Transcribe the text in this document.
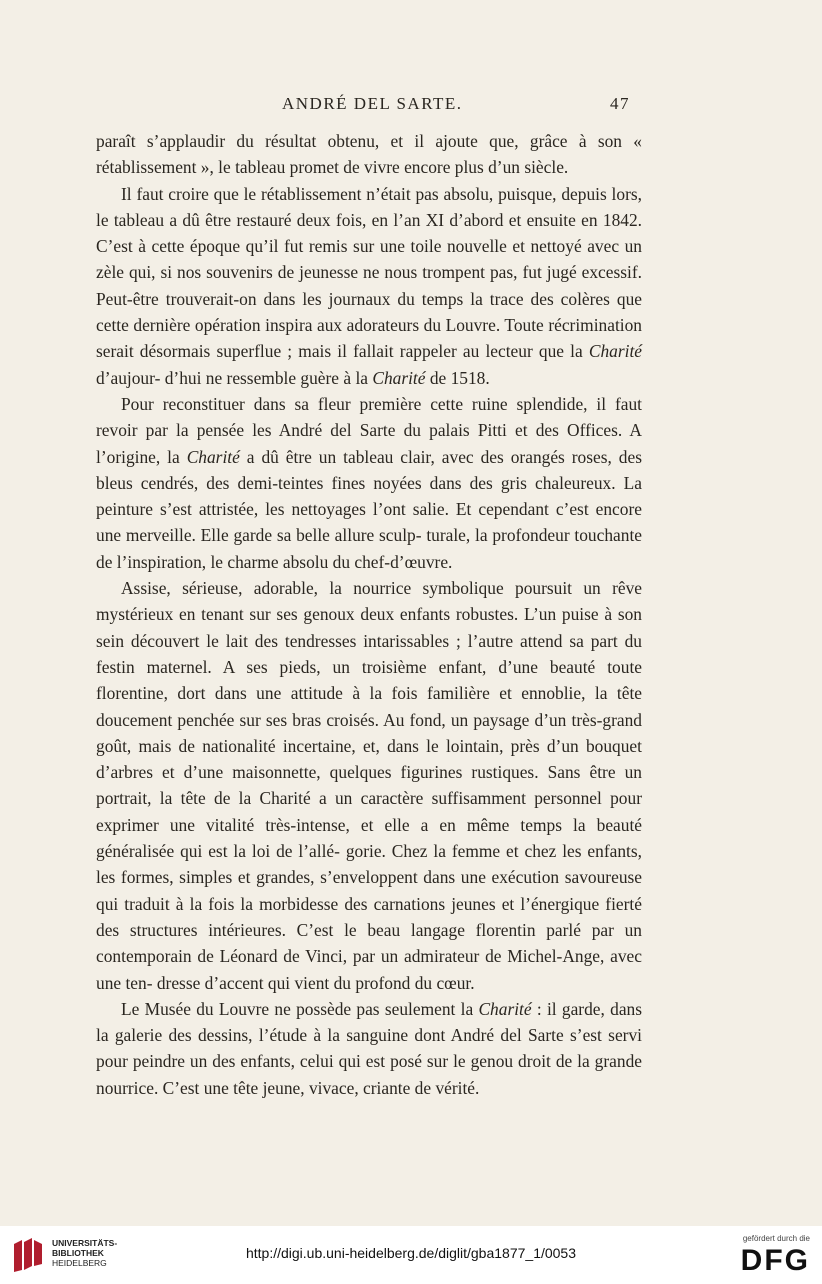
ANDRÉ DEL SARTE.	47

paraît s’applaudir du résultat obtenu, et il ajoute que, grâce à son « rétablissement », le tableau promet de vivre encore plus d’un siècle.

Il faut croire que le rétablissement n’était pas absolu, puisque, depuis lors, le tableau a dû être restauré deux fois, en l’an XI d’abord et ensuite en 1842. C’est à cette époque qu’il fut remis sur une toile nouvelle et nettoyé avec un zèle qui, si nos souvenirs de jeunesse ne nous trompent pas, fut jugé excessif. Peut-être trouverait-on dans les journaux du temps la trace des colères que cette dernière opération inspira aux adorateurs du Louvre. Toute récrimination serait désormais superflue ; mais il fallait rappeler au lecteur que la Charité d’aujour- d’hui ne ressemble guère à la Charité de 1518.

Pour reconstituer dans sa fleur première cette ruine splendide, il faut revoir par la pensée les André del Sarte du palais Pitti et des Offices. A l’origine, la Charité a dû être un tableau clair, avec des orangés roses, des bleus cendrés, des demi-teintes fines noyées dans des gris chaleureux. La peinture s’est attristée, les nettoyages l’ont salie. Et cependant c’est encore une merveille. Elle garde sa belle allure sculp- turale, la profondeur touchante de l’inspiration, le charme absolu du chef-d’œuvre.

Assise, sérieuse, adorable, la nourrice symbolique poursuit un rêve mystérieux en tenant sur ses genoux deux enfants robustes. L’un puise à son sein découvert le lait des tendresses intarissables ; l’autre attend sa part du festin maternel. A ses pieds, un troisième enfant, d’une beauté toute florentine, dort dans une attitude à la fois familière et ennoblie, la tête doucement penchée sur ses bras croisés. Au fond, un paysage d’un très-grand goût, mais de nationalité incertaine, et, dans le lointain, près d’un bouquet d’arbres et d’une maisonnette, quelques figurines rustiques. Sans être un portrait, la tête de la Charité a un caractère suffisamment personnel pour exprimer une vitalité très-intense, et elle a en même temps la beauté généralisée qui est la loi de l’allé- gorie. Chez la femme et chez les enfants, les formes, simples et grandes, s’enveloppent dans une exécution savoureuse qui traduit à la fois la morbidesse des carnations jeunes et l’énergique fierté des structures intérieures. C’est le beau langage florentin parlé par un contemporain de Léonard de Vinci, par un admirateur de Michel-Ange, avec une ten- dresse d’accent qui vient du profond du cœur.

Le Musée du Louvre ne possède pas seulement la Charité : il garde, dans la galerie des dessins, l’étude à la sanguine dont André del Sarte s’est servi pour peindre un des enfants, celui qui est posé sur le genou droit de la grande nourrice. C’est une tête jeune, vivace, criante de vérité.

UNIVERSITÄTS-
BIBLIOTHEK
HEIDELBERG
http://digi.ub.uni-heidelberg.de/diglit/gba1877_1/0053
gefördert durch die
DFG
